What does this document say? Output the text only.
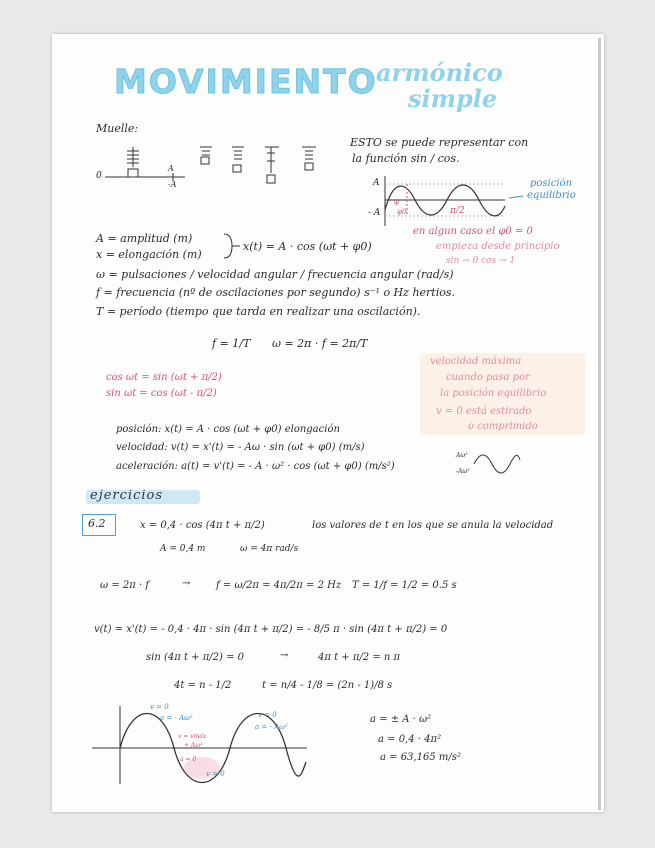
MOVIMIENTO
armónico
simple
Muelle:
0
A
-A
ESTO se puede representar con
la función sin / cos.
A
- A
φ
φ0	π/2
posición
equilibrio
en algun caso el φ0 = 0
empieza desde principio
sin → 0 cos → 1
A = amplitud (m)
x = elongación (m)
x(t) = A · cos (ωt + φ0)
ω = pulsaciones / velocidad angular / frecuencia angular (rad/s)
f = frecuencia (nº de oscilaciones por segundo) s⁻¹ o Hz hertios.
T = período (tiempo que tarda en realizar una oscilación).
f = 1/T ω = 2π · f = 2π/T
cos ωt = sin (ωt + π/2)
sin ωt = cos (ωt - π/2)
velocidad máxima
cuando pasa por
la posición equilibrio
v = 0 está estirado
o comprimido
posición: x(t) = A · cos (ωt + φ0) elongación
velocidad: v(t) = x'(t) = - Aω · sin (ωt + φ0) (m/s)
aceleración: a(t) = v'(t) = - A · ω² · cos (ωt + φ0) (m/s²)
Aω²
-Aω²
ejercicios
6.2	x = 0,4 · cos (4π t + π/2)	los valores de t en los que se anula la velocidad
A = 0,4 m	ω = 4π rad/s
ω = 2π · f	→	f = ω/2π = 4π/2π = 2 Hz T = 1/f = 1/2 = 0.5 s
v(t) = x'(t) = - 0,4 · 4π · sin (4π t + π/2) = - 8/5 π · sin (4π t + π/2) = 0
sin (4π t + π/2) = 0	→	4π t + π/2 = n π
4t = n - 1/2	t = n/4 - 1/8 = (2n - 1)/8 s
v = 0
a = - Aω²	v = 0
a = - Aω²
v = vmáx
+ Aω²
a = 0
v = 0
a = ± A · ω²
a = 0,4 · 4π²
a = 63,165 m/s²
